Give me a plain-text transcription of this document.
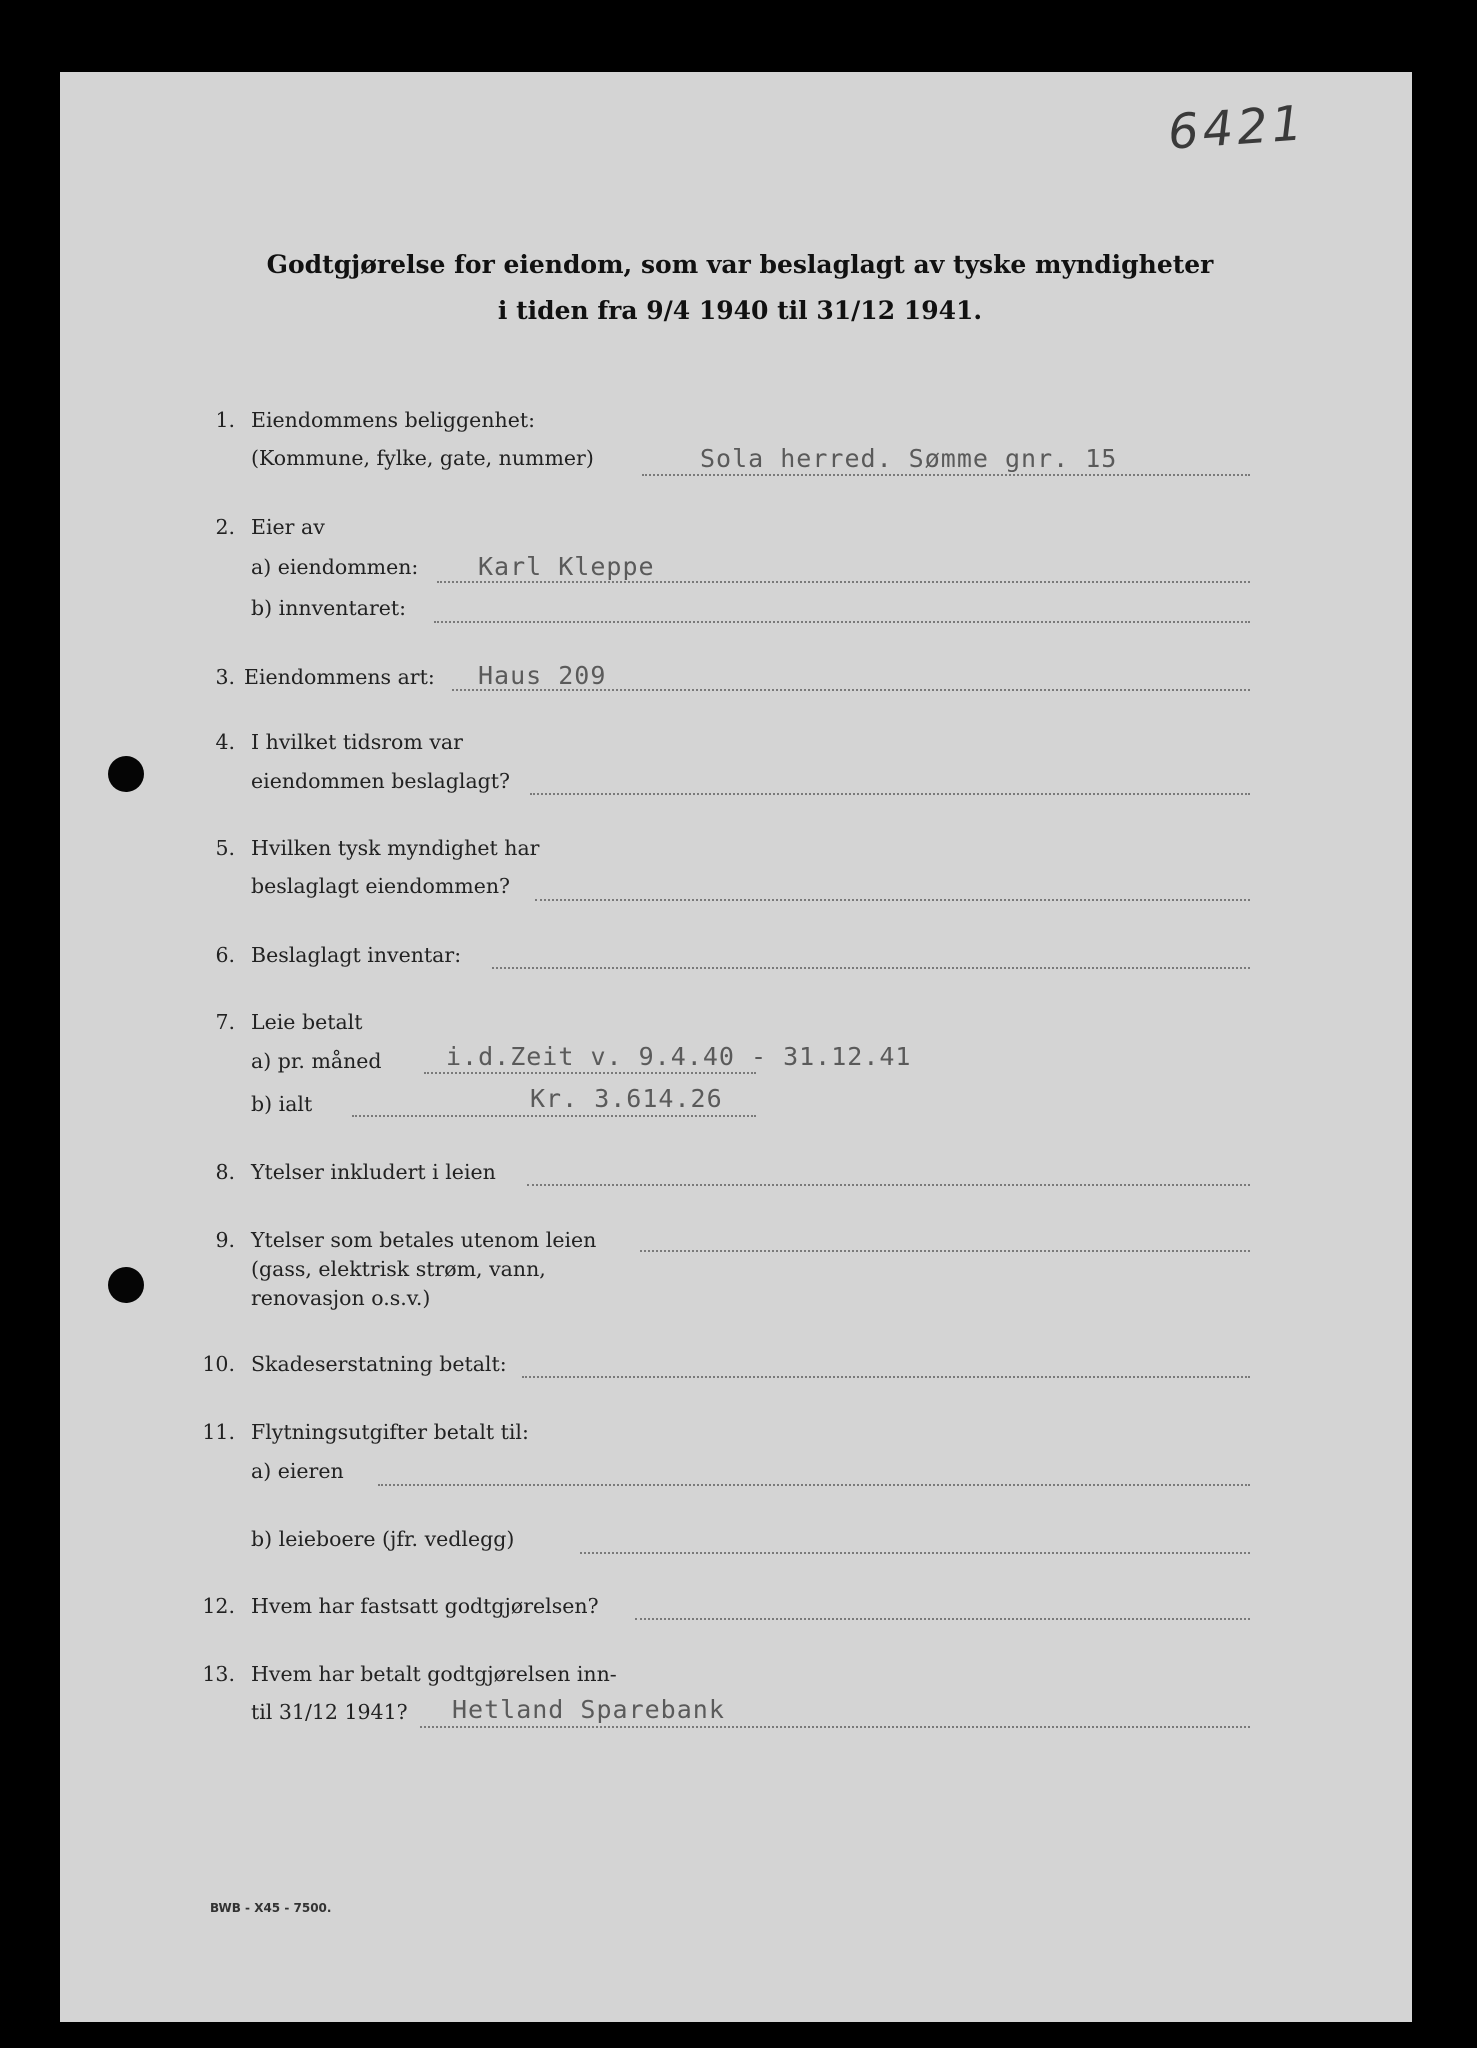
6421
Godtgjørelse for eiendom, som var beslaglagt av tyske myndigheter
i tiden fra 9/4 1940 til 31/12 1941.
1. Eiendommens beliggenhet:
(Kommune, fylke, gate, nummer)	Sola herred. Sømme gnr. 15
2. Eier av
a) eiendommen: Karl Kleppe
b) innventaret:
3. Eiendommens art: Haus 209
4. I hvilket tidsrom var
eiendommen beslaglagt?
5. Hvilken tysk myndighet har
beslaglagt eiendommen?
6. Beslaglagt inventar:
7. Leie betalt
a) pr. måned	i.d.Zeit v. 9.4.40 - 31.12.41
b) ialt	Kr. 3.614.26
8. Ytelser inkludert i leien
9. Ytelser som betales utenom leien
(gass, elektrisk strøm, vann,
renovasjon o.s.v.)
10. Skadeserstatning betalt:
11. Flytningsutgifter betalt til:
a) eieren
b) leieboere (jfr. vedlegg)
12. Hvem har fastsatt godtgjørelsen?
13. Hvem har betalt godtgjørelsen inn-
til 31/12 1941? Hetland Sparebank
BWB - X45 - 7500.
